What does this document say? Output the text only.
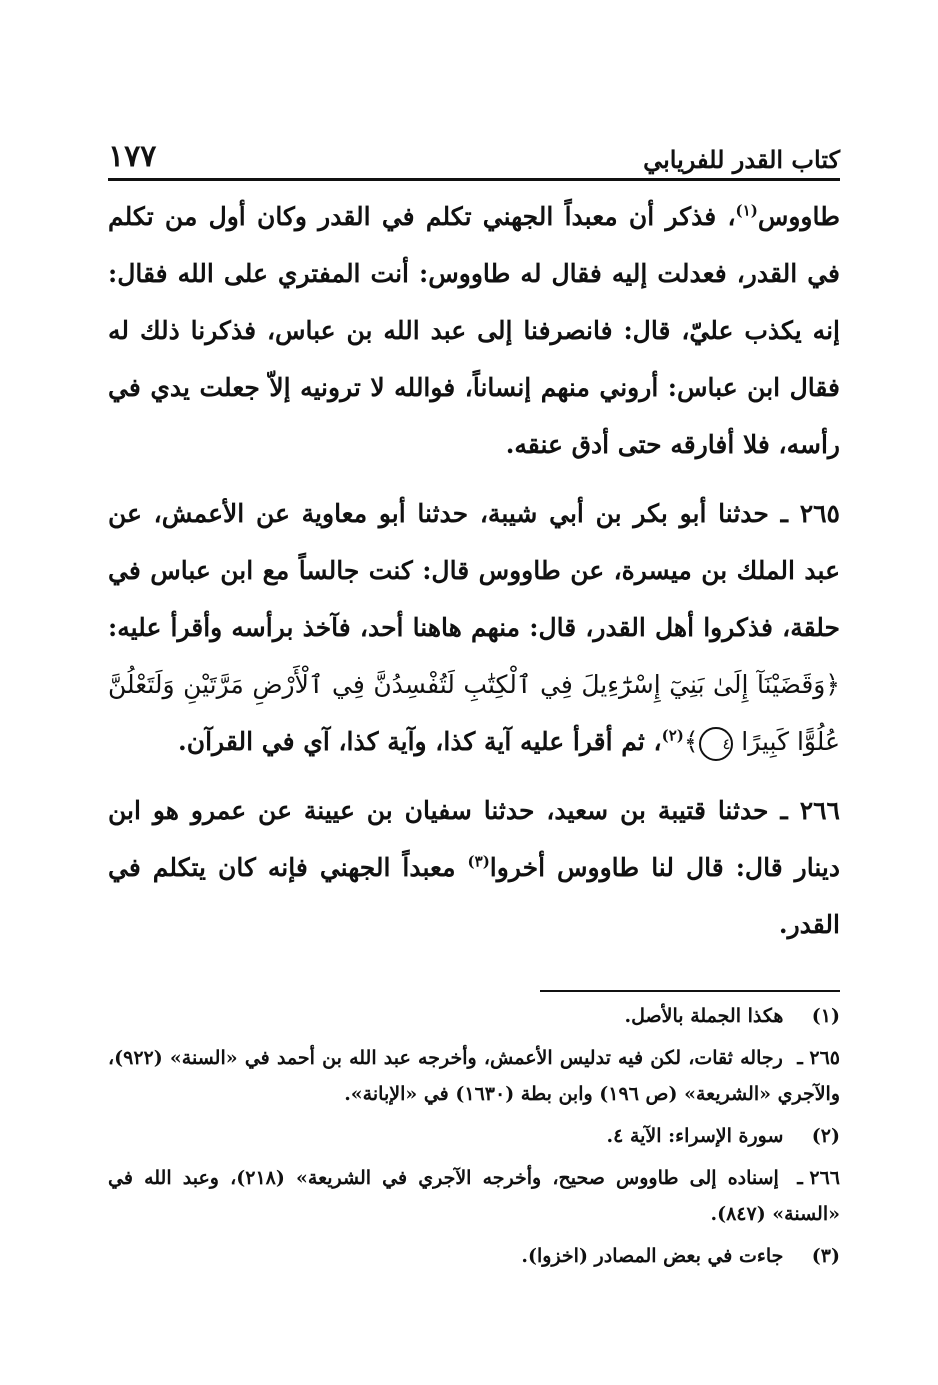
كتاب القدر للفريابي
١٧٧

طاووس$^{(١)}$، فذكر أن معبداً الجهني تكلم في القدر وكان أول من تكلم في القدر، فعدلت إليه فقال له طاووس: أنت المفتري على الله فقال: إنه يكذب عليّ، قال: فانصرفنا إلى عبد الله بن عباس، فذكرنا ذلك له فقال ابن عباس: أروني منهم إنساناً، فوالله لا ترونيه إلاّ جعلت يدي في رأسه، فلا أفارقه حتى أدق عنقه.

٢٦٥ ـ حدثنا أبو بكر بن أبي شيبة، حدثنا أبو معاوية عن الأعمش، عن عبد الملك بن ميسرة، عن طاووس قال: كنت جالساً مع ابن عباس في حلقة، فذكروا أهل القدر، قال: منهم هاهنا أحد، فآخذ برأسه وأقرأ عليه: ﴿وَقَضَيْنَآ إِلَىٰ بَنِيٓ إِسْرَٰٓءِيلَ فِي ٱلْكِتَٰبِ لَتُفْسِدُنَّ فِي ٱلْأَرْضِ مَرَّتَيْنِ وَلَتَعْلُنَّ عُلُوًّا كَبِيرًا ٤﴾$^{(٢)}$، ثم أقرأ عليه آية كذا، وآية كذا، آي في القرآن.

٢٦٦ ـ حدثنا قتيبة بن سعيد، حدثنا سفيان بن عيينة عن عمرو هو ابن دينار قال: قال لنا طاووس أخروا$^{(٣)}$ معبداً الجهني فإنه كان يتكلم في القدر.

(١) هكذا الجملة بالأصل.

٢٦٥ ـ رجاله ثقات، لكن فيه تدليس الأعمش، وأخرجه عبد الله بن أحمد في «السنة» (٩٢٢)، والآجري «الشريعة» (ص ١٩٦) وابن بطة (١٦٣٠) في «الإبانة».

(٢) سورة الإسراء: الآية ٤.

٢٦٦ ـ إسناده إلى طاووس صحيح، وأخرجه الآجري في الشريعة» (٢١٨)، وعبد الله في «السنة» (٨٤٧).

(٣) جاءت في بعض المصادر (اخزوا).
